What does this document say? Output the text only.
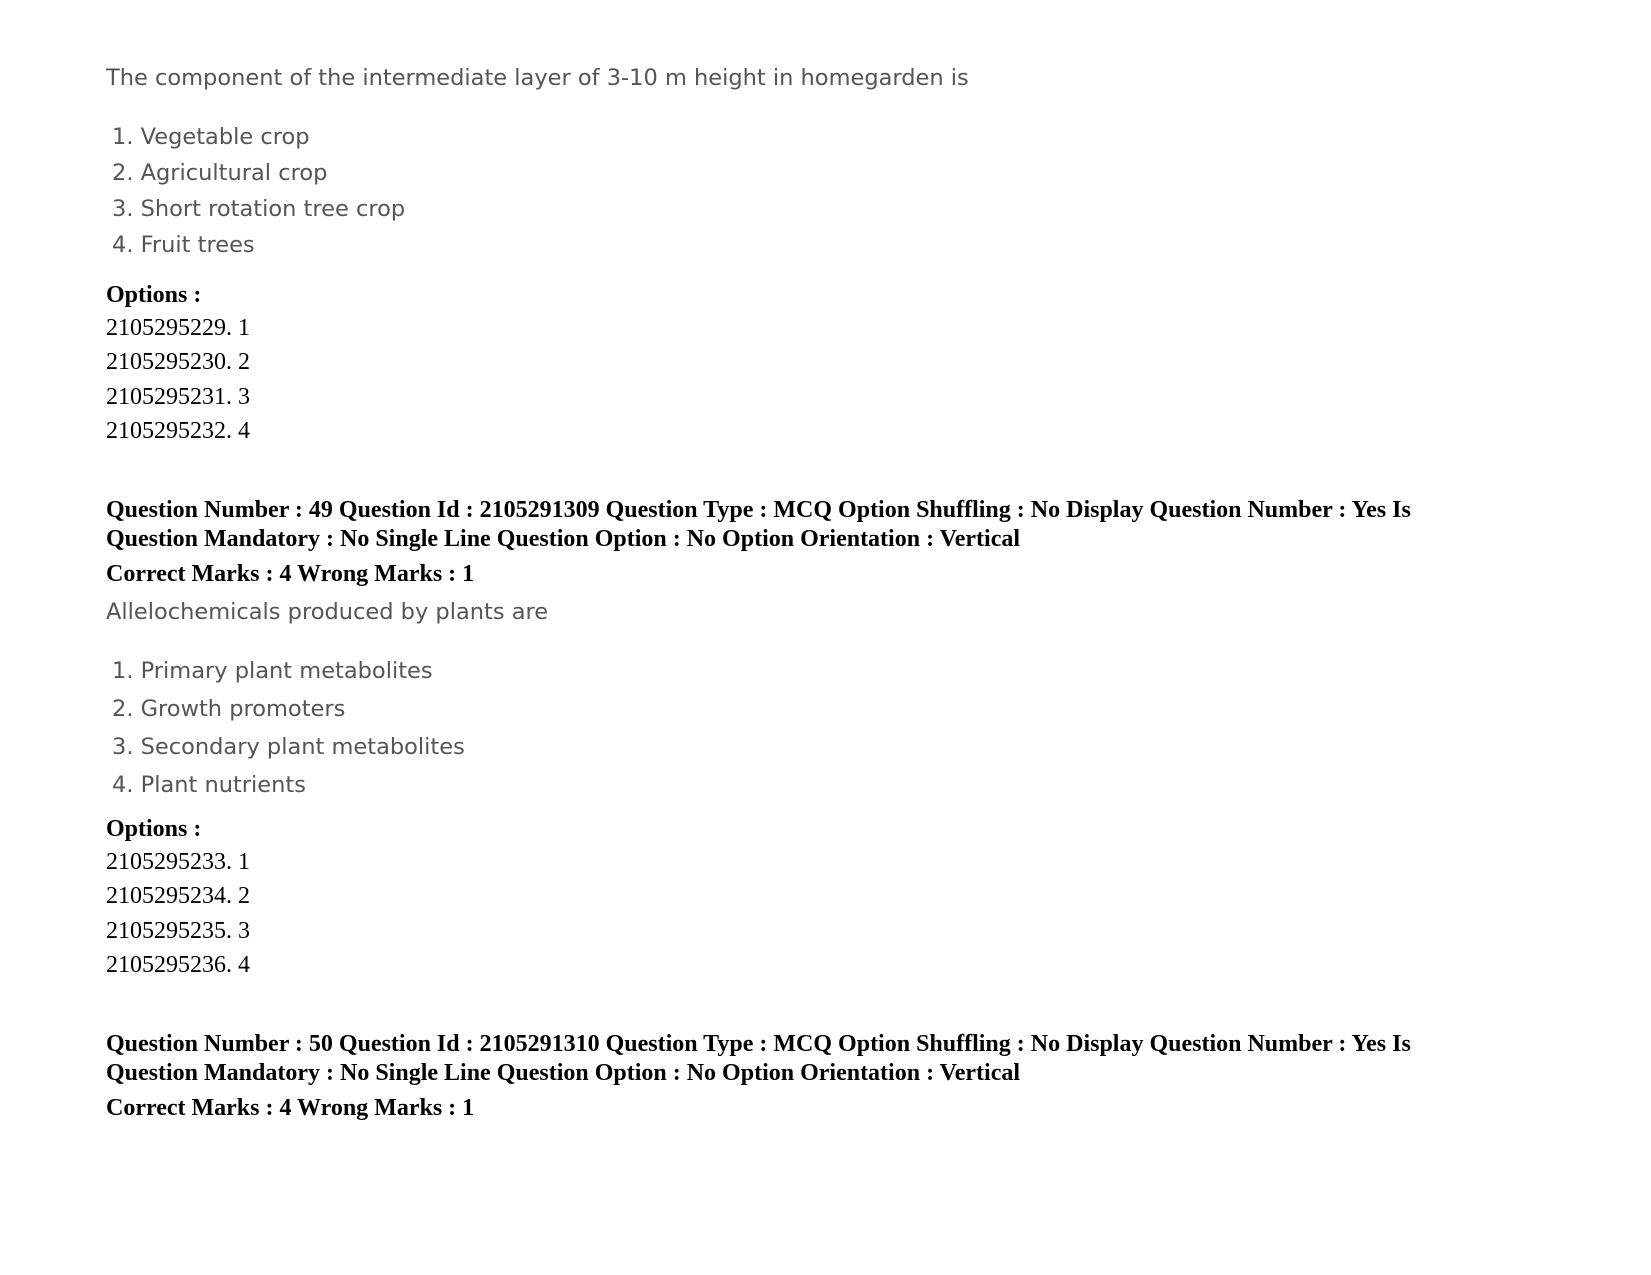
The component of the intermediate layer of 3-10 m height in homegarden is
1. Vegetable crop
2. Agricultural crop
3. Short rotation tree crop
4. Fruit trees
Options :
2105295229. 1
2105295230. 2
2105295231. 3
2105295232. 4
Question Number : 49 Question Id : 2105291309 Question Type : MCQ Option Shuffling : No Display Question Number : Yes Is
Question Mandatory : No Single Line Question Option : No Option Orientation : Vertical
Correct Marks : 4 Wrong Marks : 1
Allelochemicals produced by plants are
1. Primary plant metabolites
2. Growth promoters
3. Secondary plant metabolites
4. Plant nutrients
Options :
2105295233. 1
2105295234. 2
2105295235. 3
2105295236. 4
Question Number : 50 Question Id : 2105291310 Question Type : MCQ Option Shuffling : No Display Question Number : Yes Is
Question Mandatory : No Single Line Question Option : No Option Orientation : Vertical
Correct Marks : 4 Wrong Marks : 1
